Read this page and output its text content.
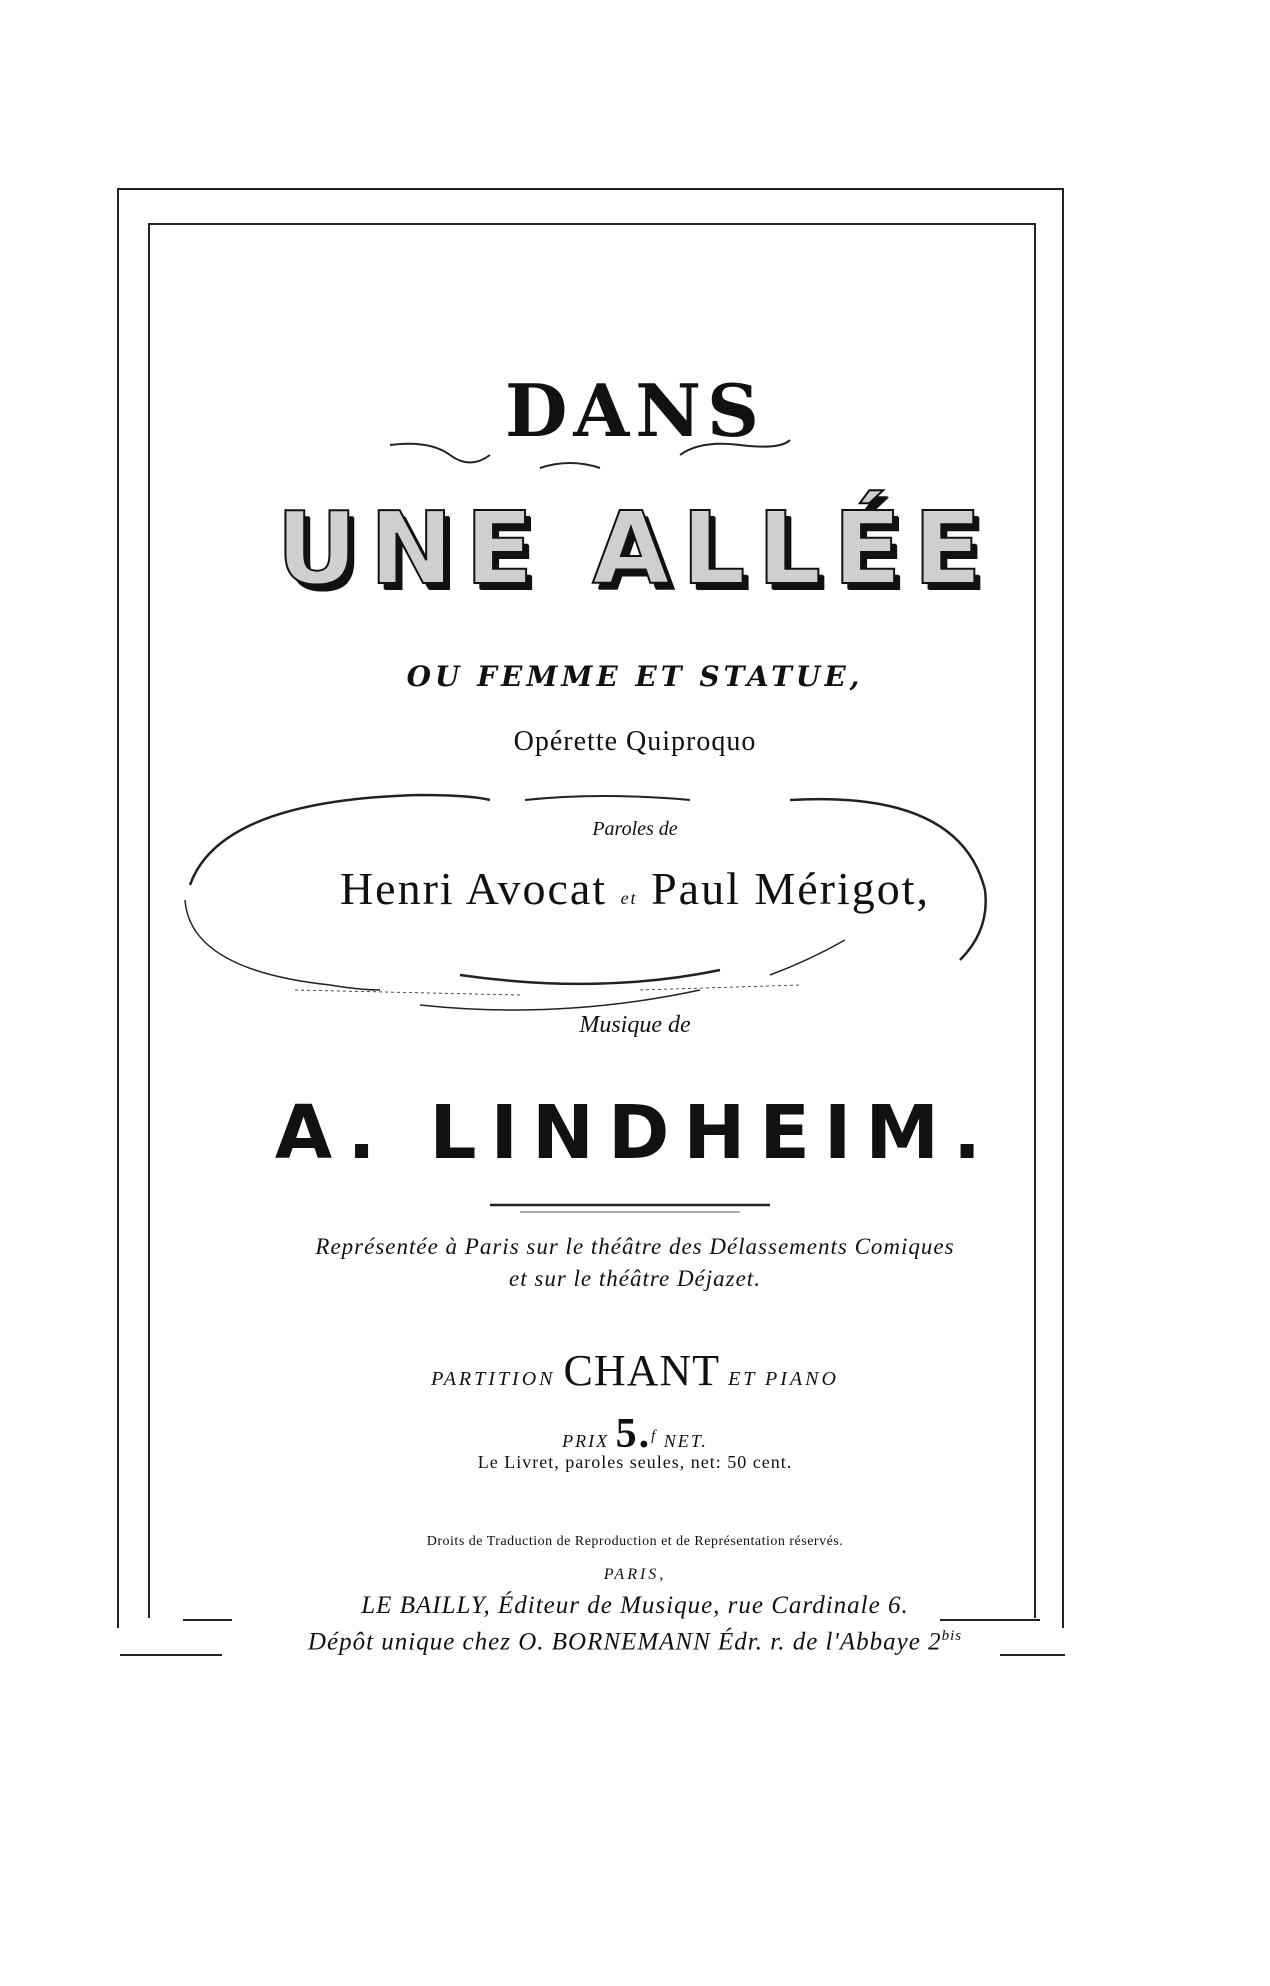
DANS
UNE ALLÉE
OU FEMME ET STATUE,
Opérette Quiproquo
Paroles de
Henri Avocat et Paul Mérigot,
Musique de
A. LINDHEIM.
Représentée à Paris sur le théâtre des Délassements Comiques
et sur le théâtre Déjazet.
PARTITION CHANT ET PIANO
PRIX 5.$^f$ NET.
Le Livret, paroles seules, net: 50 cent.
Droits de Traduction de Reproduction et de Représentation réservés.
PARIS,
LE BAILLY, Éditeur de Musique, rue Cardinale 6.
Dépôt unique chez O. BORNEMANN Édr. r. de l'Abbaye $2^{bis}$
